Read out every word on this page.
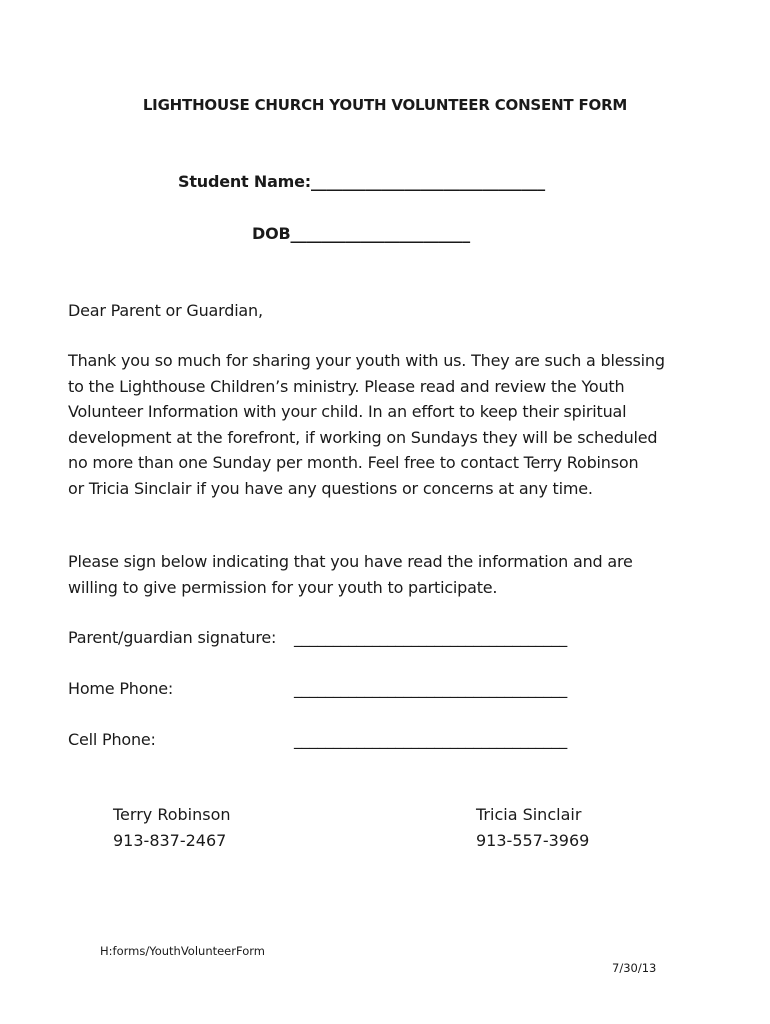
LIGHTHOUSE CHURCH YOUTH VOLUNTEER CONSENT FORM
Student Name:______________________________
DOB_______________________
Dear Parent or Guardian,
Thank you so much for sharing your youth with us. They are such a blessing
to the Lighthouse Children’s ministry. Please read and review the Youth
Volunteer Information with your child. In an effort to keep their spiritual
development at the forefront, if working on Sundays they will be scheduled
no more than one Sunday per month. Feel free to contact Terry Robinson
or Tricia Sinclair if you have any questions or concerns at any time.
Please sign below indicating that you have read the information and are
willing to give permission for your youth to participate.
Parent/guardian signature: ___________________________________
Home Phone:	___________________________________
Cell Phone:	___________________________________
Terry Robinson
913-837-2467
Tricia Sinclair
913-557-3969
H:forms/YouthVolunteerForm
7/30/13
